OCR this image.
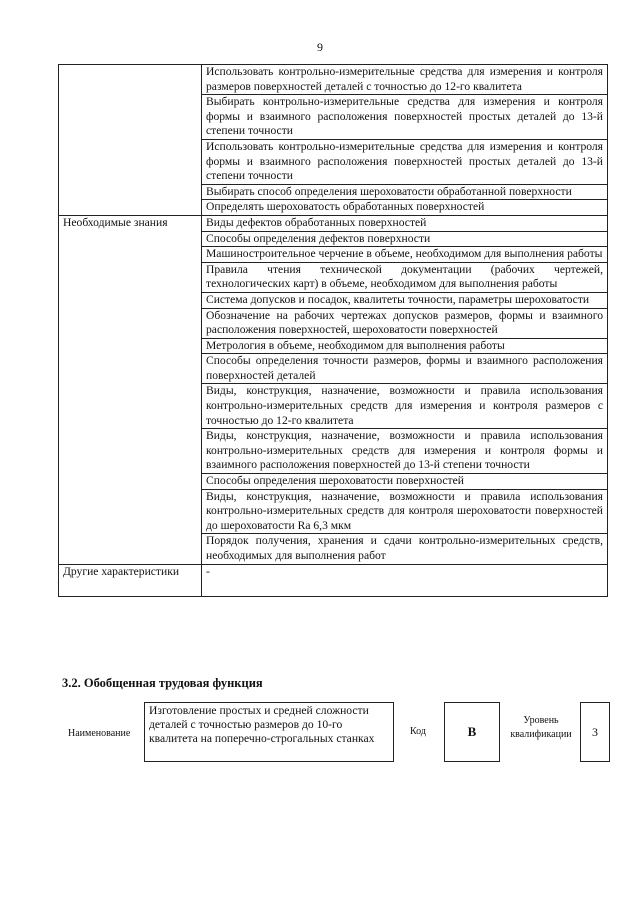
9
	Использовать контрольно-измерительные средства для измерения и контроля размеров поверхностей деталей с точностью до 12-го квалитета
	Выбирать контрольно-измерительные средства для измерения и контроля формы и взаимного расположения поверхностей простых деталей до 13-й степени точности
	Использовать контрольно-измерительные средства для измерения и контроля формы и взаимного расположения поверхностей простых деталей до 13-й степени точности
	Выбирать способ определения шероховатости обработанной поверхности
	Определять шероховатость обработанных поверхностей
Необходимые знания	Виды дефектов обработанных поверхностей
	Способы определения дефектов поверхности
	Машиностроительное черчение в объеме, необходимом для выполнения работы
	Правила чтения технической документации (рабочих чертежей, технологических карт) в объеме, необходимом для выполнения работы
	Система допусков и посадок, квалитеты точности, параметры шероховатости
	Обозначение на рабочих чертежах допусков размеров, формы и взаимного расположения поверхностей, шероховатости поверхностей
	Метрология в объеме, необходимом для выполнения работы
	Способы определения точности размеров, формы и взаимного расположения поверхностей деталей
	Виды, конструкция, назначение, возможности и правила использования контрольно-измерительных средств для измерения и контроля размеров с точностью до 12-го квалитета
	Виды, конструкция, назначение, возможности и правила использования контрольно-измерительных средств для измерения и контроля формы и взаимного расположения поверхностей до 13-й степени точности
	Способы определения шероховатости поверхностей
	Виды, конструкция, назначение, возможности и правила использования контрольно-измерительных средств для контроля шероховатости поверхностей до шероховатости Ra 6,3 мкм
	Порядок получения, хранения и сдачи контрольно-измерительных средств, необходимых для выполнения работ
Другие характеристики	-
3.2. Обобщенная трудовая функция
Наименование
Изготовление простых и средней сложности деталей с точностью размеров до 10-го квалитета на поперечно-строгальных станках
Код	B
Уровень квалификации	3
